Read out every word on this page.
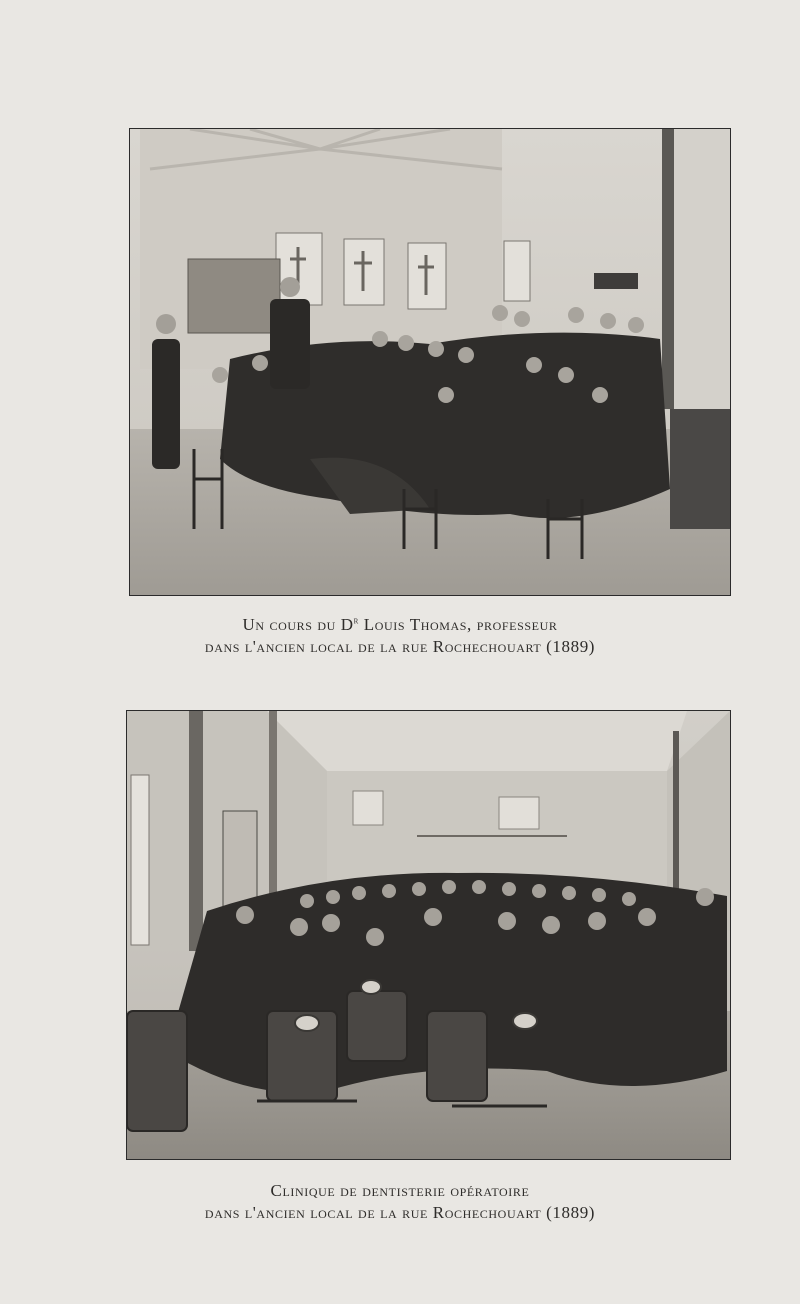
Un cours du $D^r$ Louis Thomas, professeur
dans l'ancien local de la rue Rochechouart (1889)
Clinique de dentisterie opératoire
dans l'ancien local de la rue Rochechouart (1889)
